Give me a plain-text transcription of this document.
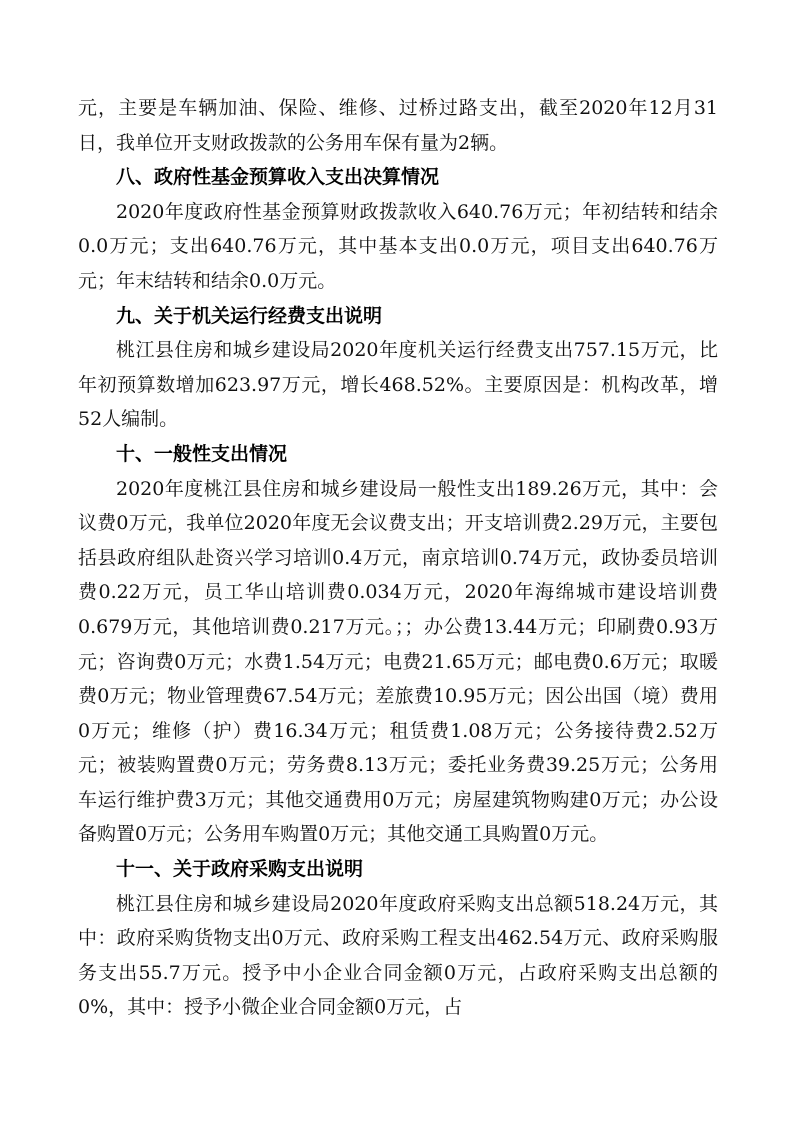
元，主要是车辆加油、保险、维修、过桥过路支出，截至2020年12月31日，我单位开支财政拨款的公务用车保有量为2辆。

八、政府性基金预算收入支出决算情况

2020年度政府性基金预算财政拨款收入640.76万元；年初结转和结余0.0万元；支出640.76万元，其中基本支出0.0万元，项目支出640.76万元；年末结转和结余0.0万元。

九、关于机关运行经费支出说明

桃江县住房和城乡建设局2020年度机关运行经费支出757.15万元，比年初预算数增加623.97万元，增长468.52%。主要原因是：机构改革，增52人编制。

十、一般性支出情况

2020年度桃江县住房和城乡建设局一般性支出189.26万元，其中：会议费0万元，我单位2020年度无会议费支出；开支培训费2.29万元，主要包括县政府组队赴资兴学习培训0.4万元，南京培训0.74万元，政协委员培训费0.22万元，员工华山培训费0.034万元，2020年海绵城市建设培训费0.679万元，其他培训费0.217万元。；；办公费13.44万元；印刷费0.93万元；咨询费0万元；水费1.54万元；电费21.65万元；邮电费0.6万元；取暖费0万元；物业管理费67.54万元；差旅费10.95万元；因公出国（境）费用0万元；维修（护）费16.34万元；租赁费1.08万元；公务接待费2.52万元；被装购置费0万元；劳务费8.13万元；委托业务费39.25万元；公务用车运行维护费3万元；其他交通费用0万元；房屋建筑物购建0万元；办公设备购置0万元；公务用车购置0万元；其他交通工具购置0万元。

十一、关于政府采购支出说明

桃江县住房和城乡建设局2020年度政府采购支出总额518.24万元，其中：政府采购货物支出0万元、政府采购工程支出462.54万元、政府采购服务支出55.7万元。授予中小企业合同金额0万元，占政府采购支出总额的0%，其中：授予小微企业合同金额0万元，占
